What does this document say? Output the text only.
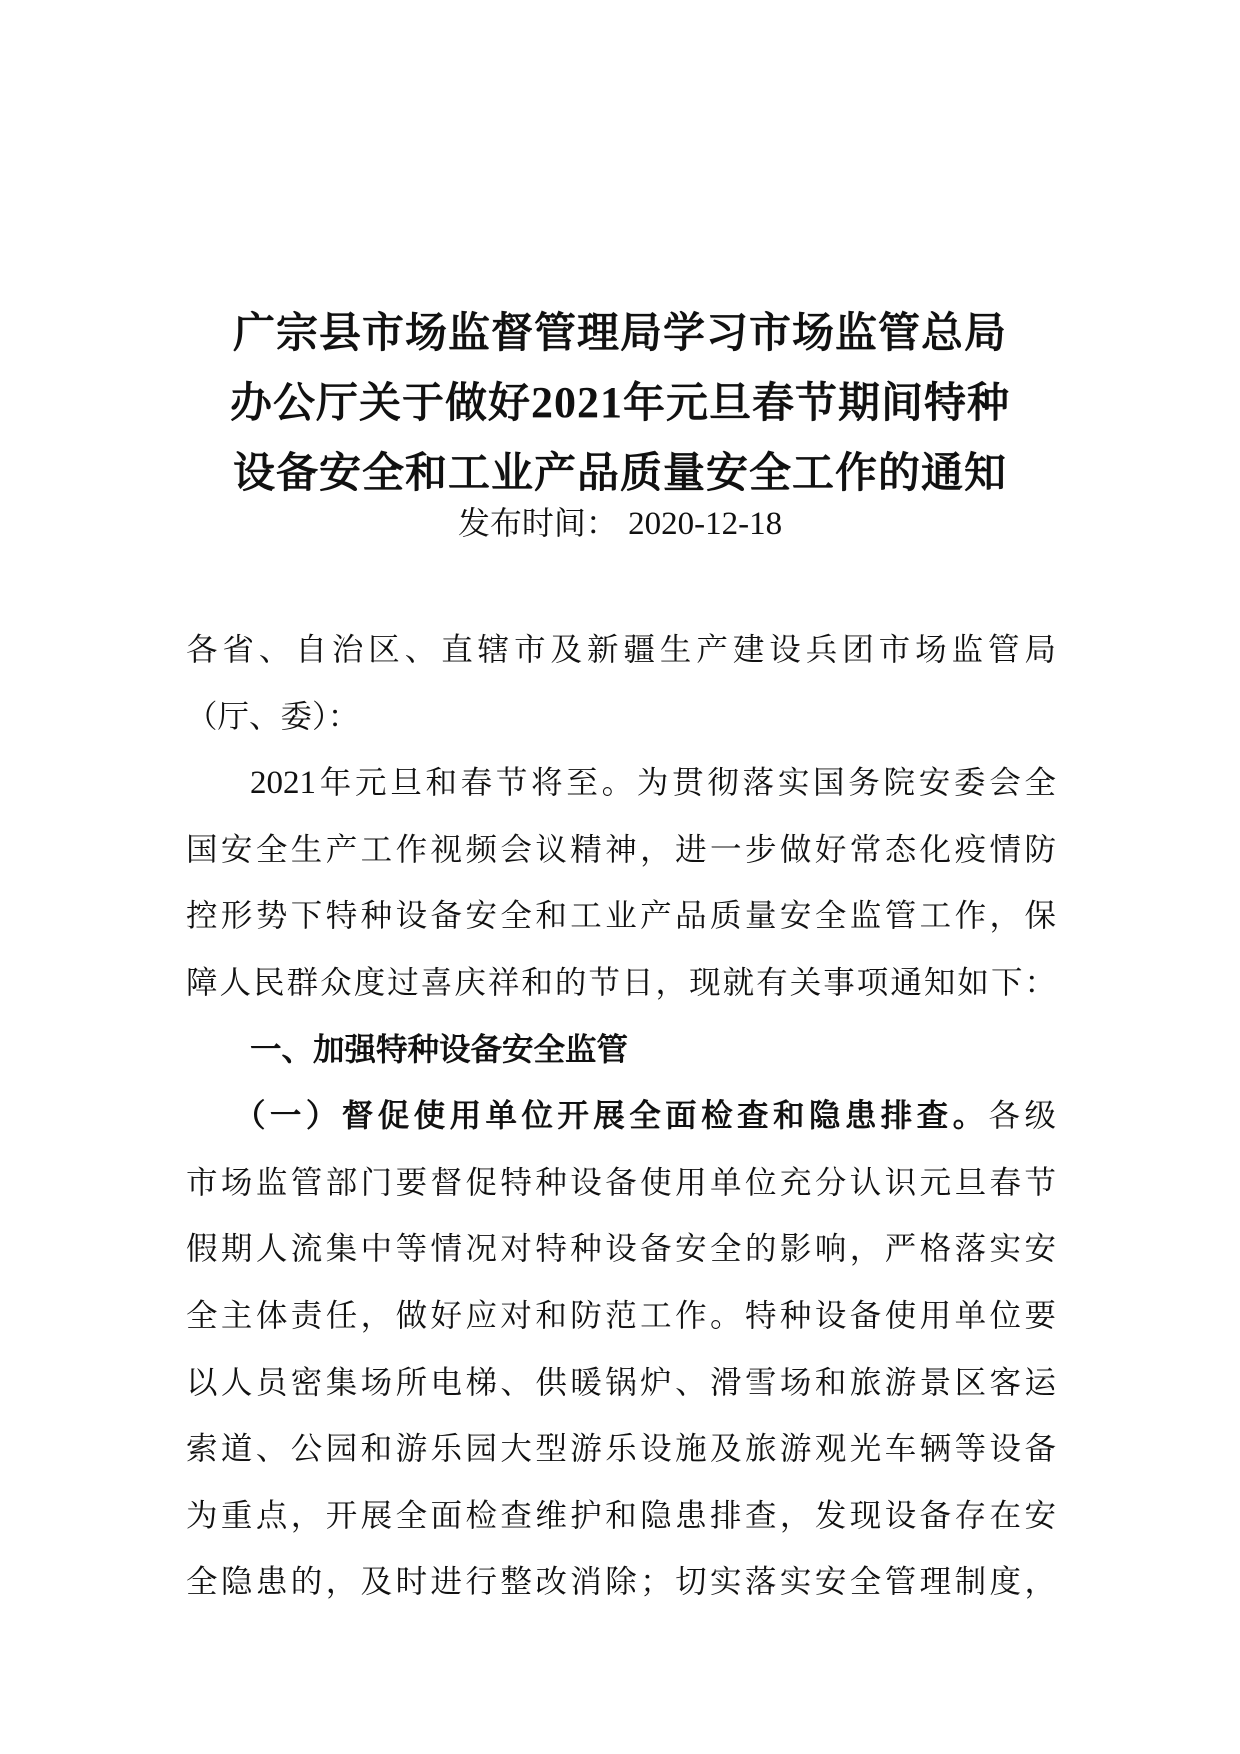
广宗县市场监督管理局学习市场监管总局
办公厅关于做好2021年元旦春节期间特种
设备安全和工业产品质量安全工作的通知
发布时间： 2020-12-18
各省、自治区、直辖市及新疆生产建设兵团市场监管局
（厅、委）：
2021年元旦和春节将至。为贯彻落实国务院安委会全
国安全生产工作视频会议精神，进一步做好常态化疫情防
控形势下特种设备安全和工业产品质量安全监管工作，保
障人民群众度过喜庆祥和的节日，现就有关事项通知如下：
一、加强特种设备安全监管
（一）督促使用单位开展全面检查和隐患排查。各级
市场监管部门要督促特种设备使用单位充分认识元旦春节
假期人流集中等情况对特种设备安全的影响，严格落实安
全主体责任，做好应对和防范工作。特种设备使用单位要
以人员密集场所电梯、供暖锅炉、滑雪场和旅游景区客运
索道、公园和游乐园大型游乐设施及旅游观光车辆等设备
为重点，开展全面检查维护和隐患排查，发现设备存在安
全隐患的，及时进行整改消除；切实落实安全管理制度，
